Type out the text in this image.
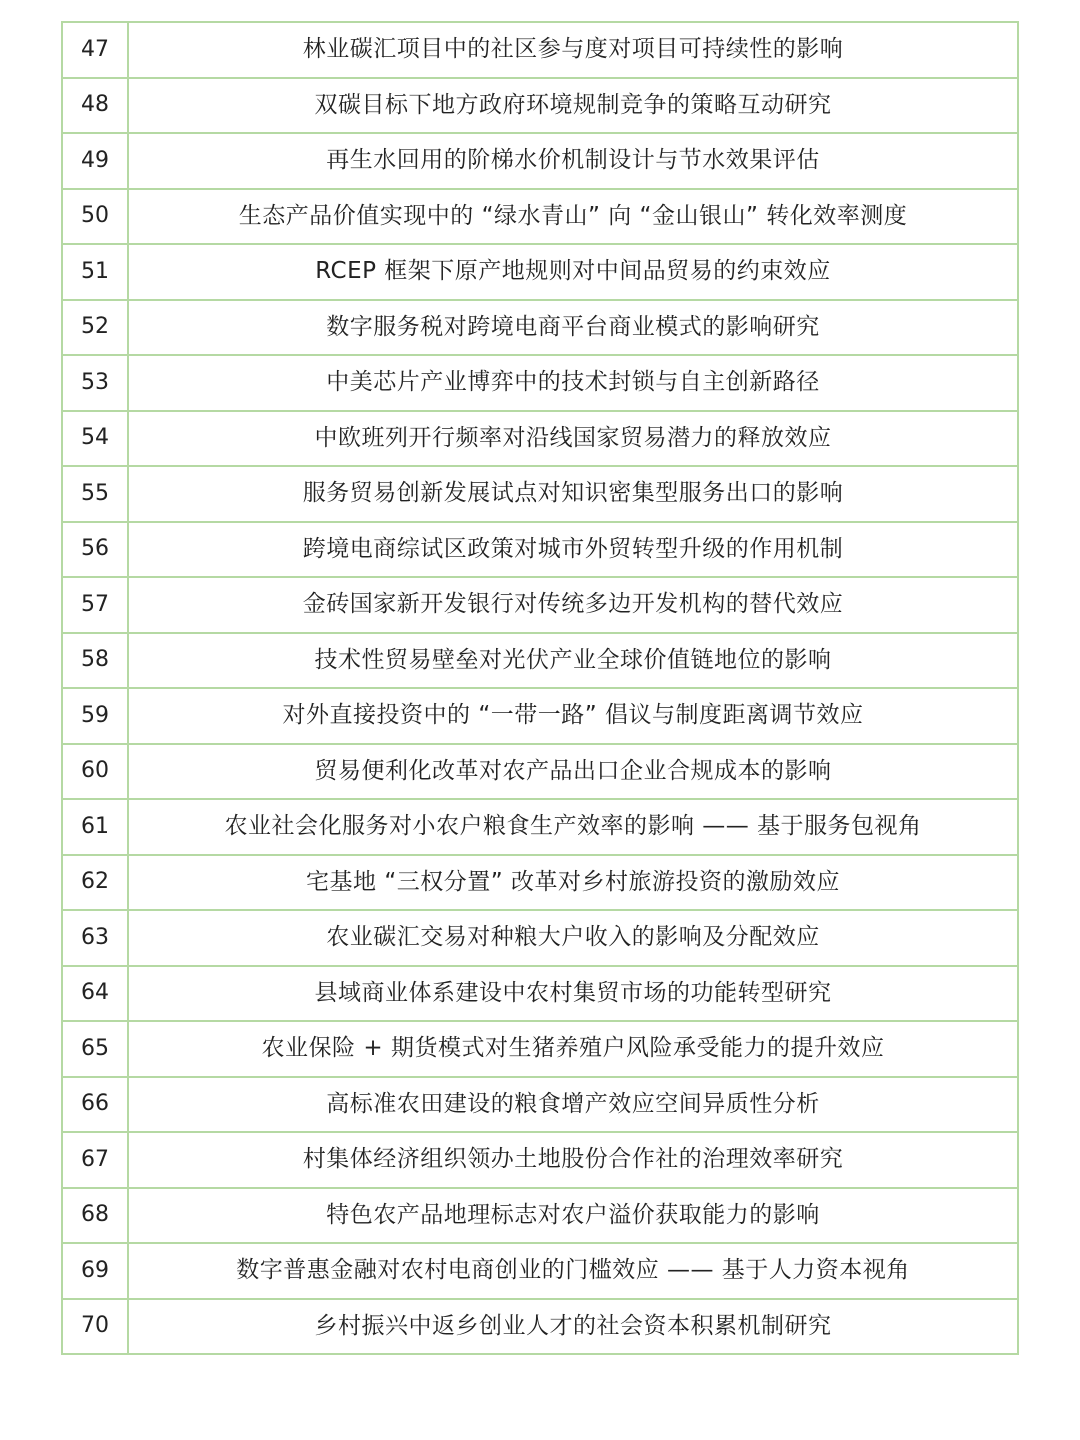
47	林业碳汇项目中的社区参与度对项目可持续性的影响
48	双碳目标下地方政府环境规制竞争的策略互动研究
49	再生水回用的阶梯水价机制设计与节水效果评估
50	生态产品价值实现中的 “绿水青山” 向 “金山银山” 转化效率测度
51	RCEP 框架下原产地规则对中间品贸易的约束效应
52	数字服务税对跨境电商平台商业模式的影响研究
53	中美芯片产业博弈中的技术封锁与自主创新路径
54	中欧班列开行频率对沿线国家贸易潜力的释放效应
55	服务贸易创新发展试点对知识密集型服务出口的影响
56	跨境电商综试区政策对城市外贸转型升级的作用机制
57	金砖国家新开发银行对传统多边开发机构的替代效应
58	技术性贸易壁垒对光伏产业全球价值链地位的影响
59	对外直接投资中的 “一带一路” 倡议与制度距离调节效应
60	贸易便利化改革对农产品出口企业合规成本的影响
61	农业社会化服务对小农户粮食生产效率的影响 —— 基于服务包视角
62	宅基地 “三权分置” 改革对乡村旅游投资的激励效应
63	农业碳汇交易对种粮大户收入的影响及分配效应
64	县域商业体系建设中农村集贸市场的功能转型研究
65	农业保险 + 期货模式对生猪养殖户风险承受能力的提升效应
66	高标准农田建设的粮食增产效应空间异质性分析
67	村集体经济组织领办土地股份合作社的治理效率研究
68	特色农产品地理标志对农户溢价获取能力的影响
69	数字普惠金融对农村电商创业的门槛效应 —— 基于人力资本视角
70	乡村振兴中返乡创业人才的社会资本积累机制研究
